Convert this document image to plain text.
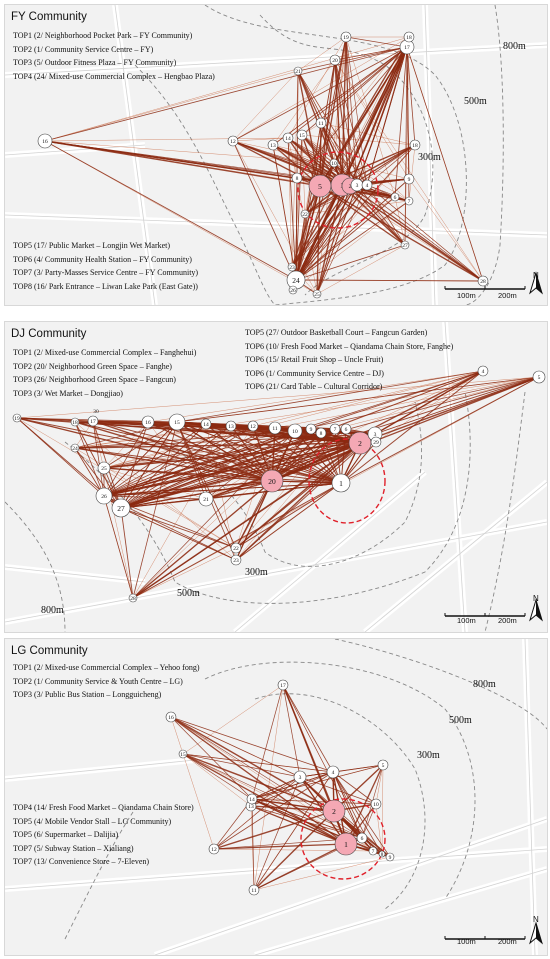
2
5	3 4
6
7
8	9
10
11
12
13
14 15
16
17
18
18
19
20
21
22
23
24
25
26
27
28
FY Community
TOP1 (2/ Neighborhood Pocket Park – FY Community)
TOP2 (1/ Community Service Centre – FY)
TOP3 (5/ Outdoor Fitness Plaza – FY Community)
TOP4 (24/ Mixed-use Commercial Complex – Hengbao Plaza)
TOP5 (17/ Public Market – Longjin Wet Market)
TOP6 (4/ Community Health Station – FY Community)
TOP7 (3/ Party-Masses Service Centre – FY Community)
TOP8 (16/ Park Entrance – Liwan Lake Park (East Gate))
300m
500m
800m
100m	200m
N
2
20	1
3
4
5
6
7
8
9
10
11
12
13
14
15
16
17
18
19
21
22
23
24
25
26
27
28
29
30
DJ Community
TOP1 (2/ Mixed-use Commercial Complex – Fanghehui)
TOP2 (20/ Neighborhood Green Space – Fanghe)
TOP3 (26/ Neighborhood Green Space – Fangcun)
TOP3 (3/ Wet Market – Dongjiao)
TOP5 (27/ Outdoor Basketball Court – Fangcun Garden)
TOP6 (10/ Fresh Food Market – Qiandama Chain Store, Fanghe)
TOP6 (15/ Retail Fruit Shop – Uncle Fruit)
TOP6 (1/ Community Service Centre – DJ)
TOP6 (21/ Card Table – Cultural Corridor)
300m
500m
800m
100m	200m
N
2
1
3
4
5
6
7
9
10
11
12
13
14
15
16
17
8
LG Community
TOP1 (2/ Mixed-use Commercial Complex – Yehoo fong)
TOP2 (1/ Community Service & Youth Centre – LG)
TOP3 (3/ Public Bus Station – Longguicheng)
TOP4 (14/ Fresh Food Market – Qiandama Chain Store)
TOP5 (4/ Mobile Vendor Stall – LG Community)
TOP5 (6/ Supermarket – Dalijia)
TOP7 (5/ Subway Station – Xialiang)
TOP7 (13/ Convenience Store – 7-Eleven)
300m
500m
800m
100m	200m
N
